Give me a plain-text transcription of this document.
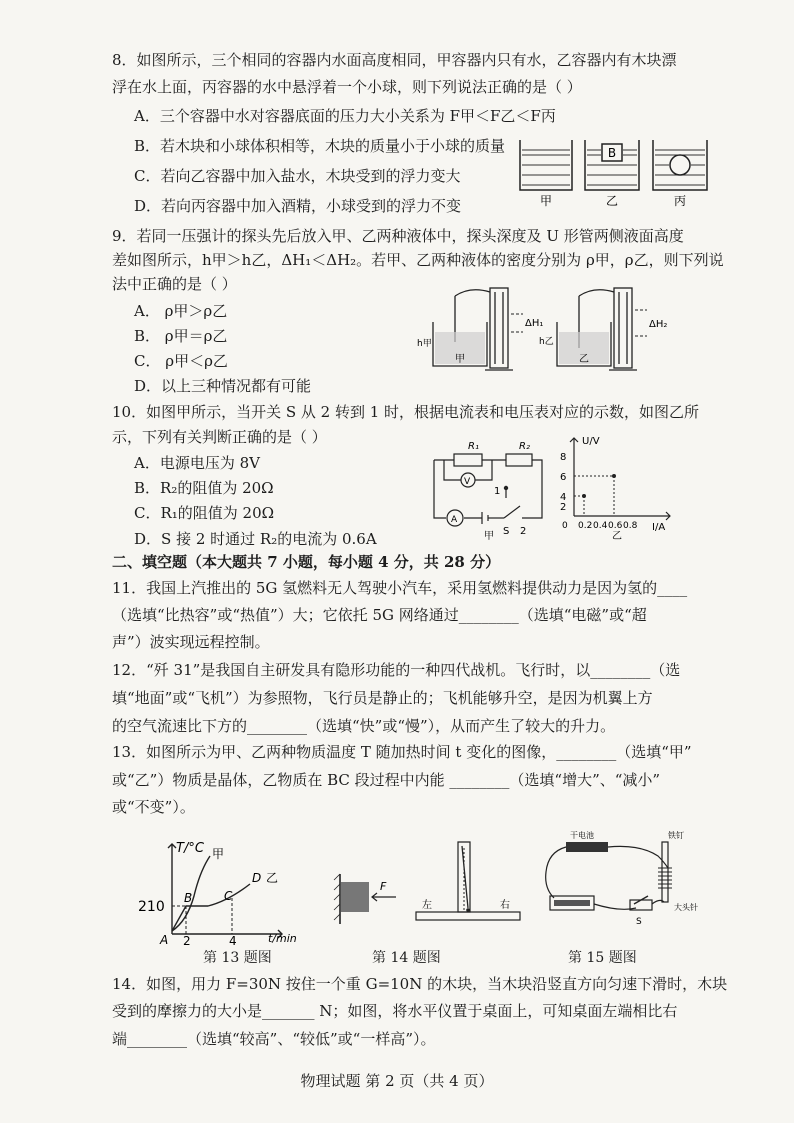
8．如图所示，三个相同的容器内水面高度相同，甲容器内只有水，乙容器内有木块漂
浮在水上面，丙容器的水中悬浮着一个小球，则下列说法正确的是（ ）
A．三个容器中水对容器底面的压力大小关系为 F甲＜F乙＜F丙
B．若木块和小球体积相等，木块的质量小于小球的质量
C．若向乙容器中加入盐水，木块受到的浮力变大
D．若向丙容器中加入酒精，小球受到的浮力不变
B
甲	乙	丙
9．若同一压强计的探头先后放入甲、乙两种液体中，探头深度及 U 形管两侧液面高度
差如图所示，h甲＞h乙，ΔH₁＜ΔH₂。若甲、乙两种液体的密度分别为 ρ甲，ρ乙，则下列说
法中正确的是（ ）
A． ρ甲＞ρ乙
B． ρ甲＝ρ乙
C． ρ甲＜ρ乙
D．以上三种情况都有可能
ΔH₁	ΔH₂
h甲	h乙
甲	乙
10．如图甲所示，当开关 S 从 2 转到 1 时，根据电流表和电压表对应的示数，如图乙所
示，下列有关判断正确的是（ ）
A．电源电压为 8V
B．R₂的阻值为 20Ω
C．R₁的阻值为 20Ω
D．S 接 2 时通过 R₂的电流为 0.6A
R₁	R₂
V
A
1
S 2
甲
U/V
I/A
8
6
4
2
0 0.2 0.4 0.6 0.8
乙
二、填空题（本大题共 7 小题，每小题 4 分，共 28 分）
11．我国上汽推出的 5G 氢燃料无人驾驶小汽车，采用氢燃料提供动力是因为氢的____
（选填“比热容”或“热值”）大；它依托 5G 网络通过________（选填“电磁”或“超
声”）波实现远程控制。
12．“歼 31”是我国自主研发具有隐形功能的一种四代战机。飞行时，以________（选
填“地面”或“飞机”）为参照物，飞行员是静止的；飞机能够升空，是因为机翼上方
的空气流速比下方的________（选填“快”或“慢”），从而产生了较大的升力。
13．如图所示为甲、乙两种物质温度 T 随加热时间 t 变化的图像，________（选填“甲”
或“乙”）物质是晶体，乙物质在 BC 段过程中内能 ________（选填“增大”、“减小”
或“不变”）。
T/°C
t/min
210
2	4
A
B	C
D
甲
乙
F
左	右
干电池	铁钉
大头针
S
第 13 题图	第 14 题图	第 15 题图
14．如图，用力 F=30N 按住一个重 G=10N 的木块，当木块沿竖直方向匀速下滑时，木块
受到的摩擦力的大小是_______ N；如图，将水平仪置于桌面上，可知桌面左端相比右
端________（选填“较高”、“较低”或“一样高”）。
物理试题 第 2 页（共 4 页）
